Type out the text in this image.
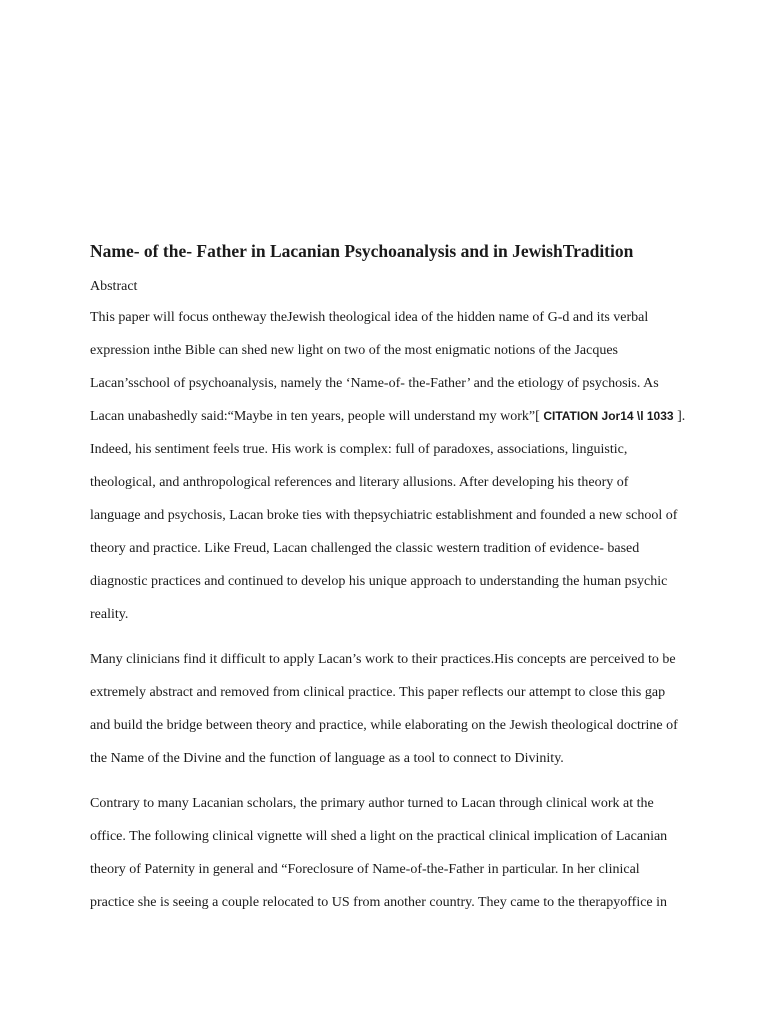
Name- of the- Father in Lacanian Psychoanalysis and in JewishTradition
Abstract

This paper will focus ontheway theJewish theological idea of the hidden name of G-d and its verbal
expression inthe Bible can shed new light on two of the most enigmatic notions of the Jacques
Lacan’sschool of psychoanalysis, namely the ‘Name-of- the-Father’ and the etiology of psychosis. As
Lacan unabashedly said:“Maybe in ten years, people will understand my work”[ CITATION Jor14 \l 1033 ].
Indeed, his sentiment feels true. His work is complex: full of paradoxes, associations, linguistic,
theological, and anthropological references and literary allusions. After developing his theory of
language and psychosis, Lacan broke ties with thepsychiatric establishment and founded a new school of
theory and practice. Like Freud, Lacan challenged the classic western tradition of evidence- based
diagnostic practices and continued to develop his unique approach to understanding the human psychic
reality.

Many clinicians find it difficult to apply Lacan’s work to their practices.His concepts are perceived to be
extremely abstract and removed from clinical practice. This paper reflects our attempt to close this gap
and build the bridge between theory and practice, while elaborating on the Jewish theological doctrine of
the Name of the Divine and the function of language as a tool to connect to Divinity.

Contrary to many Lacanian scholars, the primary author turned to Lacan through clinical work at the
office. The following clinical vignette will shed a light on the practical clinical implication of Lacanian
theory of Paternity in general and “Foreclosure of Name-of-the-Father in particular. In her clinical
practice she is seeing a couple relocated to US from another country. They came to the therapyoffice in
